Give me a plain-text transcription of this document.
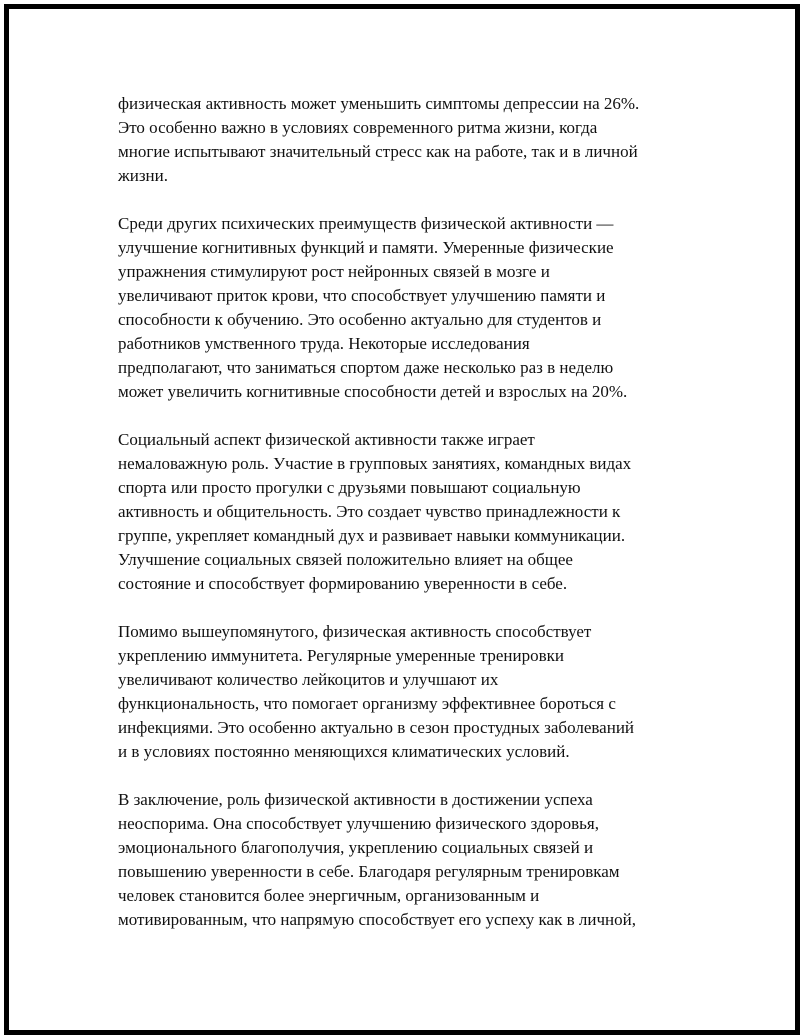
физическая активность может уменьшить симптомы депрессии на 26%.
Это особенно важно в условиях современного ритма жизни, когда
многие испытывают значительный стресс как на работе, так и в личной
жизни.

Среди других психических преимуществ физической активности —
улучшение когнитивных функций и памяти. Умеренные физические
упражнения стимулируют рост нейронных связей в мозге и
увеличивают приток крови, что способствует улучшению памяти и
способности к обучению. Это особенно актуально для студентов и
работников умственного труда. Некоторые исследования
предполагают, что заниматься спортом даже несколько раз в неделю
может увеличить когнитивные способности детей и взрослых на 20%.

Социальный аспект физической активности также играет
немаловажную роль. Участие в групповых занятиях, командных видах
спорта или просто прогулки с друзьями повышают социальную
активность и общительность. Это создает чувство принадлежности к
группе, укрепляет командный дух и развивает навыки коммуникации.
Улучшение социальных связей положительно влияет на общее
состояние и способствует формированию уверенности в себе.

Помимо вышеупомянутого, физическая активность способствует
укреплению иммунитета. Регулярные умеренные тренировки
увеличивают количество лейкоцитов и улучшают их
функциональность, что помогает организму эффективнее бороться с
инфекциями. Это особенно актуально в сезон простудных заболеваний
и в условиях постоянно меняющихся климатических условий.

В заключение, роль физической активности в достижении успеха
неоспорима. Она способствует улучшению физического здоровья,
эмоционального благополучия, укреплению социальных связей и
повышению уверенности в себе. Благодаря регулярным тренировкам
человек становится более энергичным, организованным и
мотивированным, что напрямую способствует его успеху как в личной,
